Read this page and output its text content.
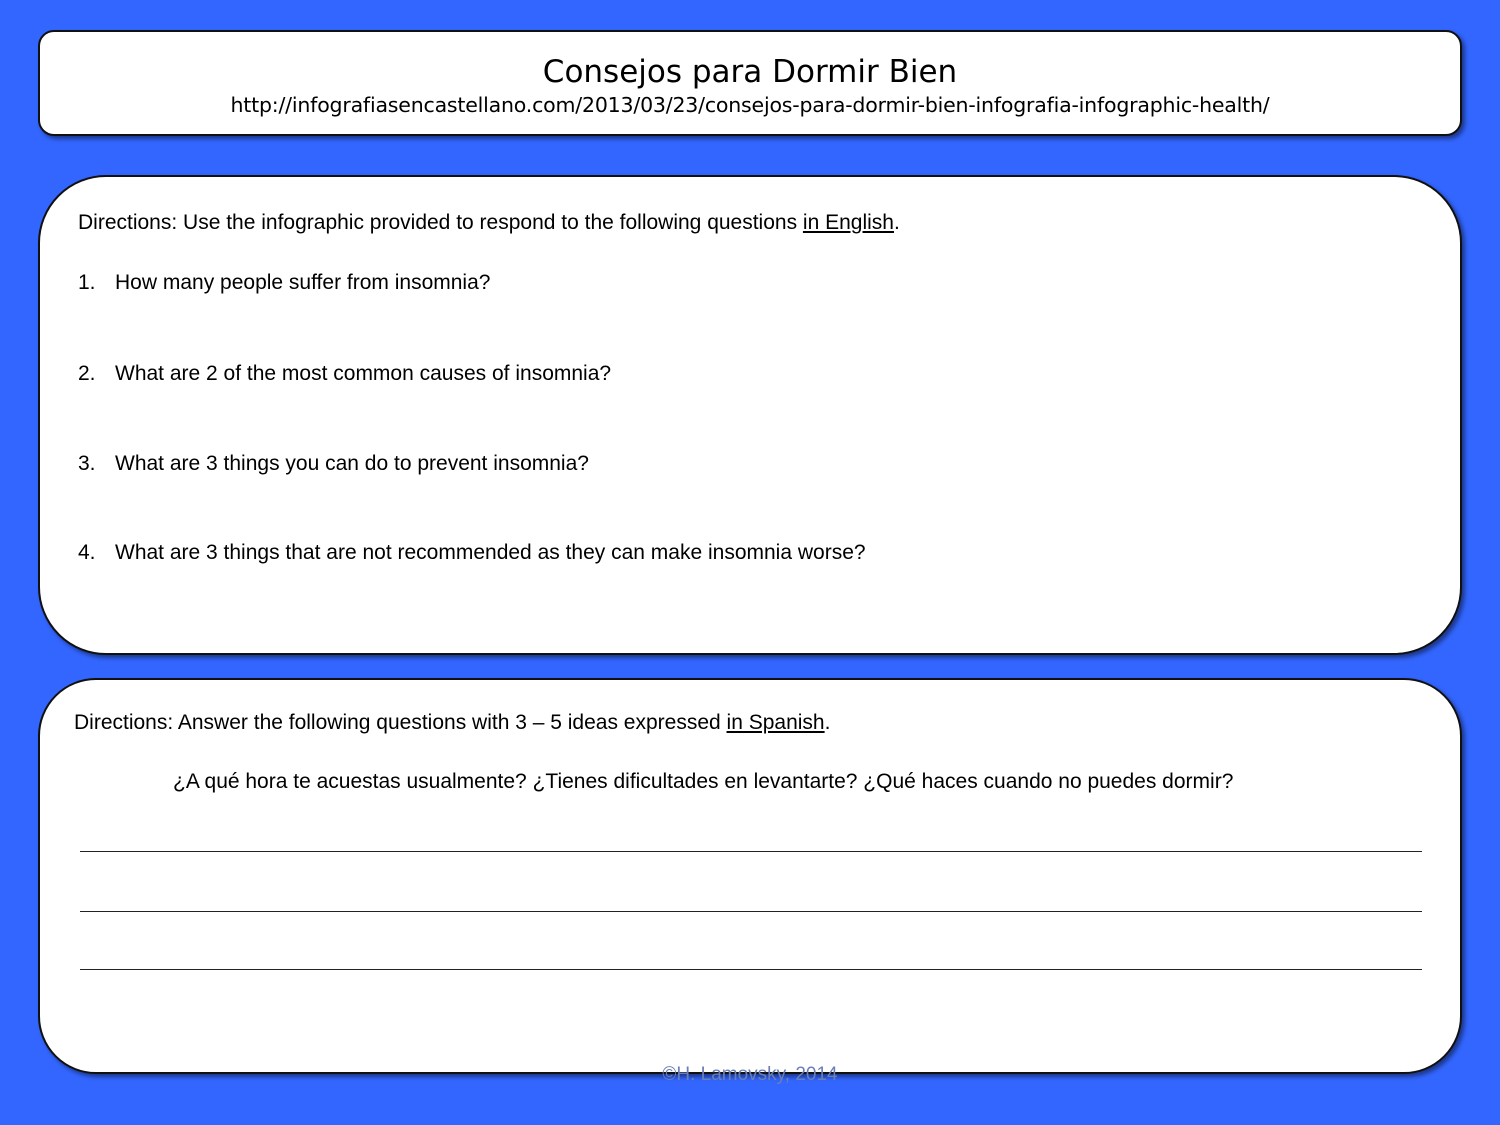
Consejos para Dormir Bien
http://infografiasencastellano.com/2013/03/23/consejos-para-dormir-bien-infografia-infographic-health/
Directions: Use the infographic provided to respond to the following questions in English.
1. How many people suffer from insomnia?
2. What are 2 of the most common causes of insomnia?
3. What are 3 things you can do to prevent insomnia?
4. What are 3 things that are not recommended as they can make insomnia worse?
Directions: Answer the following questions with 3 – 5 ideas expressed in Spanish.
¿A qué hora te acuestas usualmente? ¿Tienes dificultades en levantarte? ¿Qué haces cuando no puedes dormir?
©H. Lamovsky, 2014
